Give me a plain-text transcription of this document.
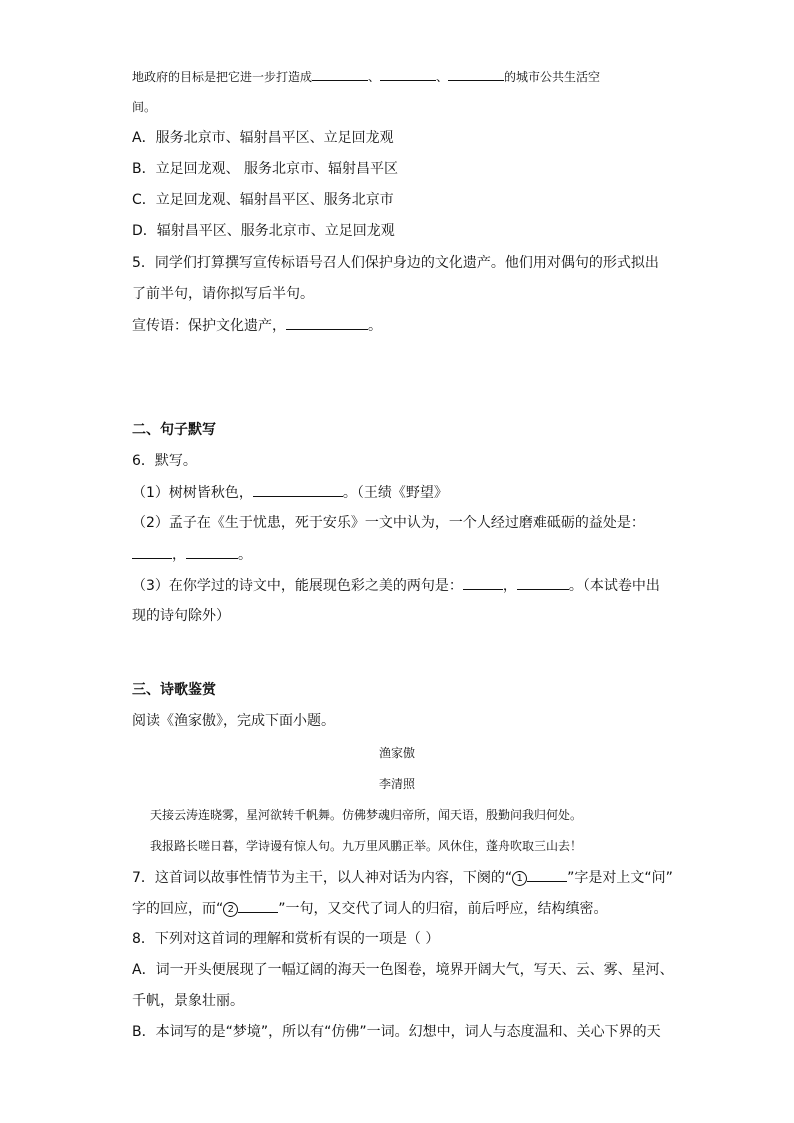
地政府的目标是把它进一步打造成	、	、	的城市公共生活空
间。
A．服务北京市、辐射昌平区、立足回龙观
B．立足回龙观、 服务北京市、辐射昌平区
C．立足回龙观、辐射昌平区、服务北京市
D．辐射昌平区、服务北京市、立足回龙观
5．同学们打算撰写宣传标语号召人们保护身边的文化遗产。他们用对偶句的形式拟出
了前半句，请你拟写后半句。
宣传语：保护文化遗产，	。
二、句子默写
6．默写。
（1）树树皆秋色，	。（王绩《野望》
（2）孟子在《生于忧患，死于安乐》一文中认为，一个人经过磨难砥砺的益处是：
，	。
（3）在你学过的诗文中，能展现色彩之美的两句是：	，	。（本试卷中出
现的诗句除外）
三、诗歌鉴赏
阅读《渔家傲》，完成下面小题。
渔家傲
李清照
天接云涛连晓雾，星河欲转千帆舞。仿佛梦魂归帝所，闻天语，殷勤问我归何处。
我报路长嗟日暮，学诗谩有惊人句。九万里风鹏正举。风休住，蓬舟吹取三山去！
7．这首词以故事性情节为主干，以人神对话为内容，下阕的“ 1	”字是对上文“问”
字的回应，而“ 2	”一句，又交代了词人的归宿，前后呼应，结构缜密。
8．下列对这首词的理解和赏析有误的一项是（ ）
A．词一开头便展现了一幅辽阔的海天一色图卷，境界开阔大气，写天、云、雾、星河、
千帆，景象壮丽。
B．本词写的是“梦境”，所以有“仿佛”一词。幻想中，词人与态度温和、关心下界的天
